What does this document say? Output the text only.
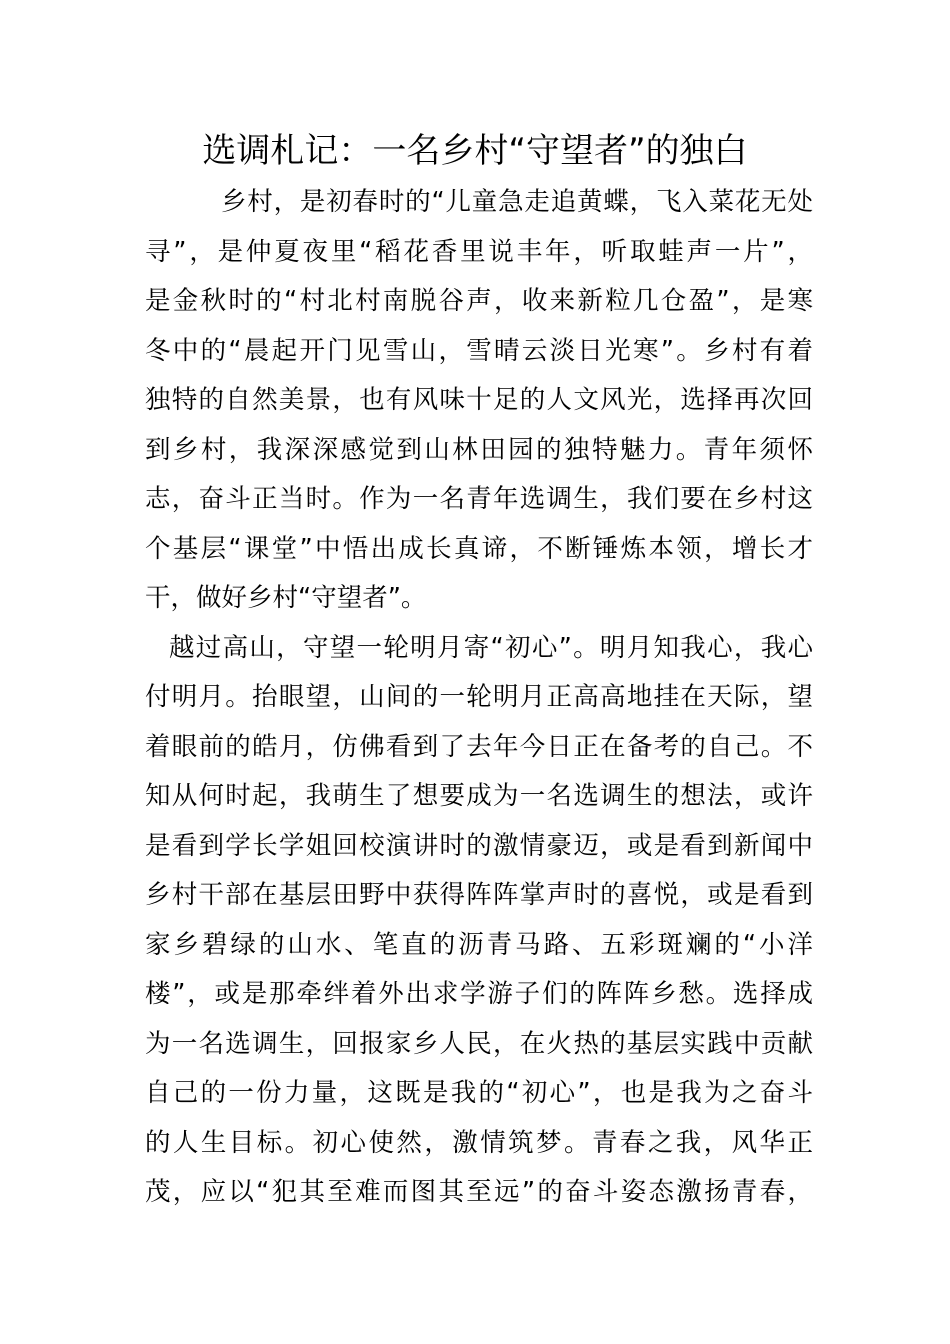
选调札记：一名乡村“守望者”的独白
乡村，是初春时的“儿童急走追黄蝶，飞入菜花无处
寻”，是仲夏夜里“稻花香里说丰年，听取蛙声一片”，
是金秋时的“村北村南脱谷声，收来新粒几仓盈”，是寒
冬中的“晨起开门见雪山，雪晴云淡日光寒”。乡村有着
独特的自然美景，也有风味十足的人文风光，选择再次回
到乡村，我深深感觉到山林田园的独特魅力。青年须怀
志，奋斗正当时。作为一名青年选调生，我们要在乡村这
个基层“课堂”中悟出成长真谛，不断锤炼本领，增长才
干，做好乡村“守望者”。
越过高山，守望一轮明月寄“初心”。明月知我心，我心
付明月。抬眼望，山间的一轮明月正高高地挂在天际，望
着眼前的皓月，仿佛看到了去年今日正在备考的自己。不
知从何时起，我萌生了想要成为一名选调生的想法，或许
是看到学长学姐回校演讲时的激情豪迈，或是看到新闻中
乡村干部在基层田野中获得阵阵掌声时的喜悦，或是看到
家乡碧绿的山水、笔直的沥青马路、五彩斑斓的“小洋
楼”，或是那牵绊着外出求学游子们的阵阵乡愁。选择成
为一名选调生，回报家乡人民，在火热的基层实践中贡献
自己的一份力量，这既是我的“初心”，也是我为之奋斗
的人生目标。初心使然，激情筑梦。青春之我，风华正
茂，应以“犯其至难而图其至远”的奋斗姿态激扬青春，
